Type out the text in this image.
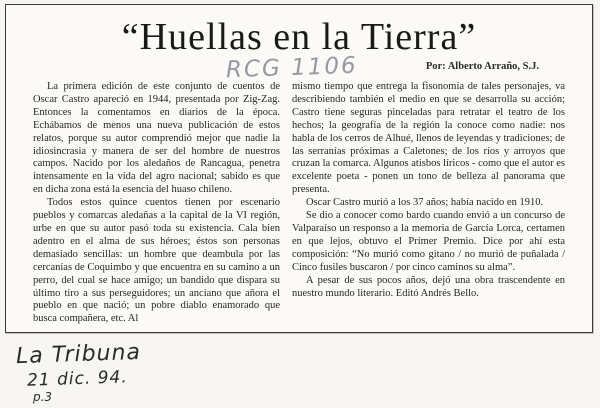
“Huellas en la Tierra”
RCG 1106	Por: Alberto Arraño, S.J.

La primera edición de este conjunto de cuentos de Oscar Castro apareció en 1944, presentada por Zig-Zag. Entonces la comentamos en diarios de la época. Echábamos de menos una nueva publicación de estos relatos, porque su autor comprendió mejor que nadie la idiosincrasia y manera de ser del hombre de nuestros campos. Nacido por los aledaños de Rancagua, penetra intensamente en la vida del agro nacional; sabido es que en dicha zona está la esencia del huaso chileno.

Todos estos quince cuentos tienen por escenario pueblos y comarcas aledañas a la capital de la VI región, urbe en que su autor pasó toda su existencia. Cala bien adentro en el alma de sus héroes; éstos son personas demasiado sencillas: un hombre que deambula por las cercanías de Coquimbo y que encuentra en su camino a un perro, del cual se hace amigo; un bandido que dispara su último tiro a sus perseguidores; un anciano que añora el pueblo en que nació; un pobre diablo enamorado que busca compañera, etc. Al

mismo tiempo que entrega la fisonomía de tales personajes, va describiendo también el medio en que se desarrolla su acción; Castro tiene seguras pinceladas para retratar el teatro de los hechos; la geografía de la región la conoce como nadie: nos habla de los cerros de Alhué, llenos de leyendas y tradiciones; de las serranías próximas a Caletones; de los ríos y arroyos que cruzan la comarca. Algunos atisbos líricos - como que el autor es excelente poeta - ponen un tono de belleza al panorama que presenta.

Oscar Castro murió a los 37 años; había nacido en 1910.

Se dio a conocer como bardo cuando envió a un concurso de Valparaíso un responso a la memoria de García Lorca, certamen en que lejos, obtuvo el Primer Premio. Dice por ahí esta composición: “No murió como gitano / no murió de puñalada / Cinco fusiles buscaron / por cinco caminos su alma”.

A pesar de sus pocos años, dejó una obra trascendente en nuestro mundo literario. Editó Andrés Bello.

La Tribuna
21 dic. 94.
p.3
